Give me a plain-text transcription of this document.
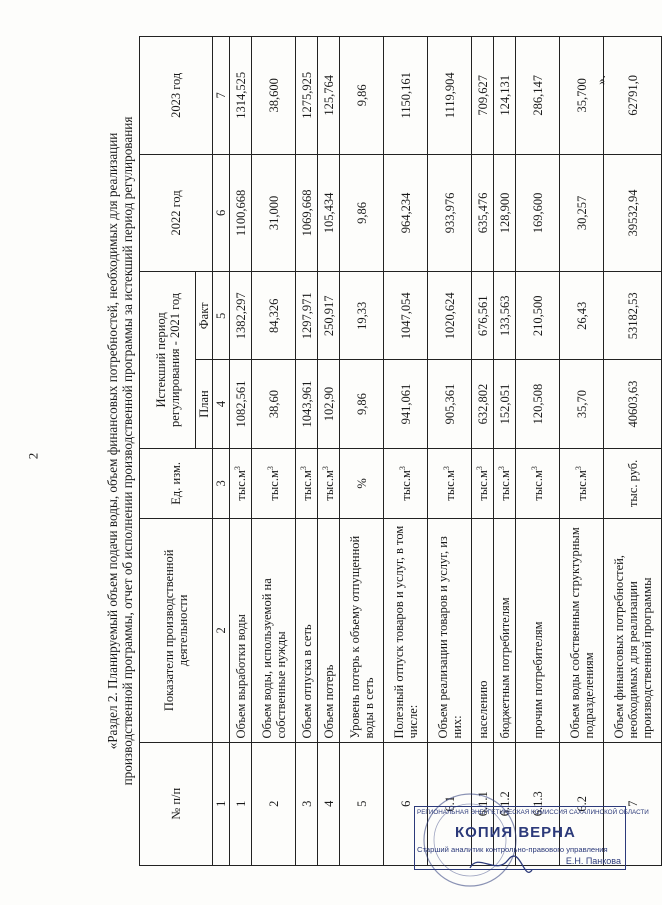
2	«Раздел 2. Планируемый объем подачи воды, объем финансовых потребностей, необходимых для реализации производственной программы, отчет об исполнении производственной программы за истекший период регулирования
№ п/п	Показатели производственной деятельности	Ед. изм.	Истекший период регулирования - 2021 год		2022 год	2023 год
			План	Факт		
1	2	3	4	5	6	7
1	Объем выработки воды	$тыс.м^3$	1082,561	1382,297	1100,668	1314,525
2	Объем воды, используемой на собственные нужды	$тыс.м^3$	38,60	84,326	31,000	38,600
3	Объем отпуска в сеть	$тыс.м^3$	1043,961	1297,971	1069,668	1275,925
4	Объем потерь	$тыс.м^3$	102,90	250,917	105,434	125,764
5	Уровень потерь к объему отпущенной воды в сеть	%	9,86	19,33	9,86	9,86
6	Полезный отпуск товаров и услуг, в том числе:	$тыс.м^3$	941,061	1047,054	964,234	1150,161
6.1	Объем реализации товаров и услуг, из них:	$тыс.м^3$	905,361	1020,624	933,976	1119,904
6.1.1	населению	$тыс.м^3$	632,802	676,561	635,476	709,627
6.1.2	бюджетным потребителям	$тыс.м^3$	152,051	133,563	128,900	124,131
6.1.3	прочим потребителям	$тыс.м^3$	120,508	210,500	169,600	286,147
6.2	Объем воды собственным структурным подразделениям	$тыс.м^3$	35,70	26,43	30,257	35,700
7	Объем финансовых потребностей, необходимых для реализации производственной программы	тыс. руб.	40603,63	53182,53	39532,94	62791,0
».
РЕГИОНАЛЬНАЯ ЭНЕРГЕТИЧЕСКАЯ КОМИССИЯ САХАЛИНСКОЙ ОБЛАСТИ
КОПИЯ ВЕРНА
Старший аналитик контрольно-правового управления
Е.Н. Панкова
